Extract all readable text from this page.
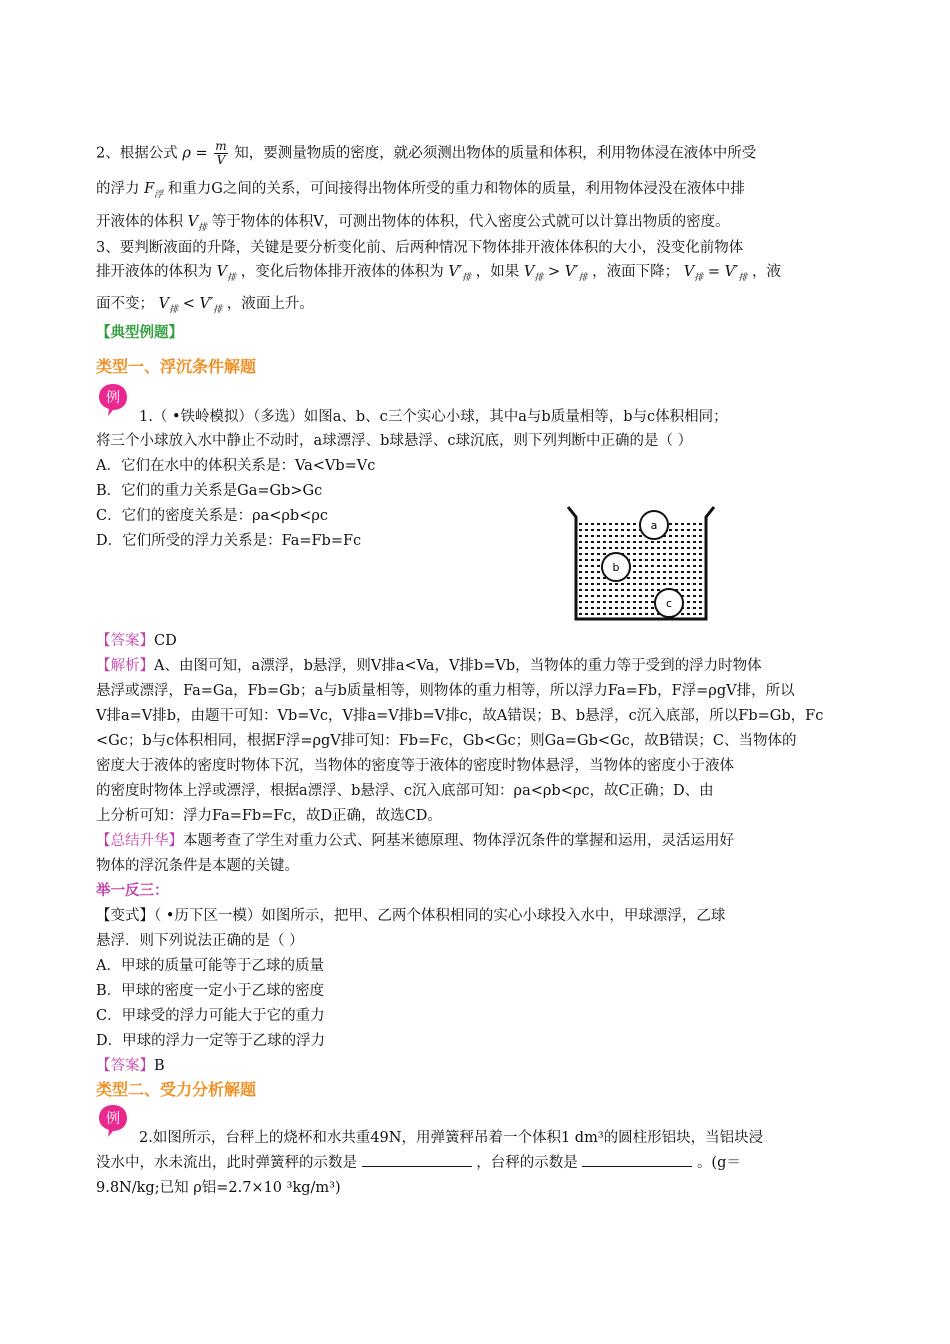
2、根据公式 $\rho = \frac{m}{V}$ 知，要测量物质的密度，就必须测出物体的质量和体积，利用物体浸在液体中所受
的浮力 $F_浮$ 和重力G之间的关系，可间接得出物体所受的重力和物体的质量，利用物体浸没在液体中排
开液体的体积 $V_排$ 等于物体的体积V，可测出物体的体积，代入密度公式就可以计算出物质的密度。
3、要判断液面的升降，关键是要分析变化前、后两种情况下物体排开液体体积的大小，没变化前物体
排开液体的体积为 $V_排$ ，变化后物体排开液体的体积为 $V'_排$ ，如果 $V_排 > V'_排$ ，液面下降； $V_排 = V'_排$ ，液
面不变； $V_排 < V'_排$ ，液面上升。
【典型例题】
类型一、浮沉条件解题
例
1.（ •铁岭模拟）（多选）如图a、b、c三个实心小球，其中a与b质量相等，b与c体积相同；
将三个小球放入水中静止不动时，a球漂浮、b球悬浮、c球沉底，则下列判断中正确的是（ ）
A．它们在水中的体积关系是：Va<Vb=Vc
B．它们的重力关系是Ga=Gb>Gc
C．它们的密度关系是：ρa<ρb<ρc
D．它们所受的浮力关系是：Fa=Fb=Fc
a
b
c
【答案】CD
【解析】A、由图可知，a漂浮，b悬浮，则V排a<Va，V排b=Vb，当物体的重力等于受到的浮力时物体
悬浮或漂浮，Fa=Ga，Fb=Gb；a与b质量相等，则物体的重力相等，所以浮力Fa=Fb，F浮=ρgV排，所以
V排a=V排b，由题干可知：Vb=Vc，V排a=V排b=V排c，故A错误；B、b悬浮，c沉入底部，所以Fb=Gb，Fc
<Gc；b与c体积相同，根据F浮=ρgV排可知：Fb=Fc，Gb<Gc；则Ga=Gb<Gc，故B错误；C、当物体的
密度大于液体的密度时物体下沉，当物体的密度等于液体的密度时物体悬浮，当物体的密度小于液体
的密度时物体上浮或漂浮，根据a漂浮、b悬浮、c沉入底部可知：ρa<ρb<ρc，故C正确；D、由
上分析可知：浮力Fa=Fb=Fc，故D正确，故选CD。
【总结升华】本题考查了学生对重力公式、阿基米德原理、物体浮沉条件的掌握和运用，灵活运用好
物体的浮沉条件是本题的关键。
举一反三：
【变式】（ •历下区一模）如图所示，把甲、乙两个体积相同的实心小球投入水中，甲球漂浮，乙球
悬浮．则下列说法正确的是（ ）
A．甲球的质量可能等于乙球的质量
B．甲球的密度一定小于乙球的密度
C．甲球受的浮力可能大于它的重力
D．甲球的浮力一定等于乙球的浮力
【答案】B
类型二、受力分析解题
例
2.如图所示，台秤上的烧杯和水共重49N，用弹簧秤吊着一个体积1 dm³的圆柱形铝块，当铝块浸
没水中，水未流出，此时弹簧秤的示数是	，台秤的示数是	。(g＝
9.8N/kg;已知 ρ铝=2.7×10 ³kg/m³)
